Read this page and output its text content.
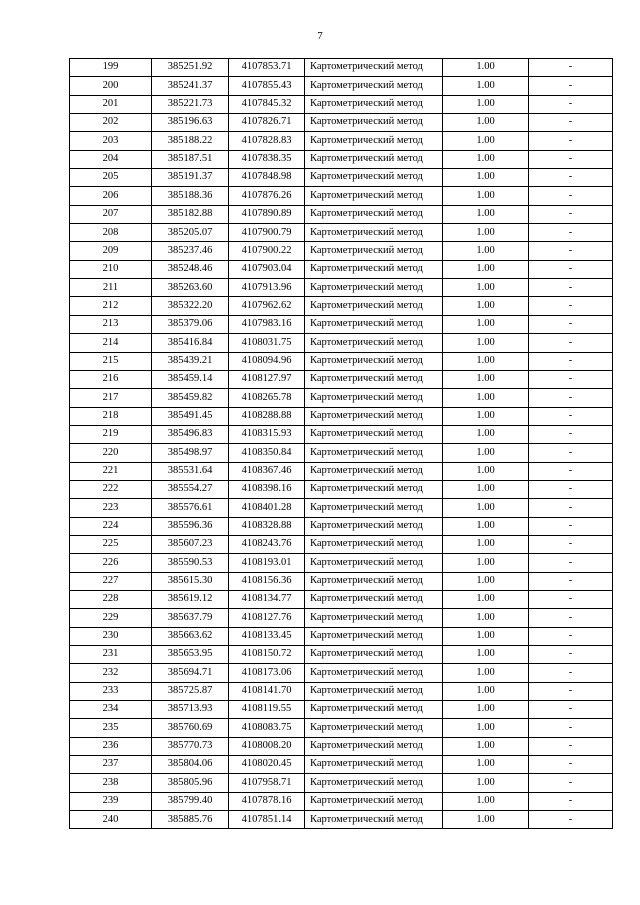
7
199	385251.92	4107853.71	Картометрический метод	1.00	-
200	385241.37	4107855.43	Картометрический метод	1.00	-
201	385221.73	4107845.32	Картометрический метод	1.00	-
202	385196.63	4107826.71	Картометрический метод	1.00	-
203	385188.22	4107828.83	Картометрический метод	1.00	-
204	385187.51	4107838.35	Картометрический метод	1.00	-
205	385191.37	4107848.98	Картометрический метод	1.00	-
206	385188.36	4107876.26	Картометрический метод	1.00	-
207	385182.88	4107890.89	Картометрический метод	1.00	-
208	385205.07	4107900.79	Картометрический метод	1.00	-
209	385237.46	4107900.22	Картометрический метод	1.00	-
210	385248.46	4107903.04	Картометрический метод	1.00	-
211	385263.60	4107913.96	Картометрический метод	1.00	-
212	385322.20	4107962.62	Картометрический метод	1.00	-
213	385379.06	4107983.16	Картометрический метод	1.00	-
214	385416.84	4108031.75	Картометрический метод	1.00	-
215	385439.21	4108094.96	Картометрический метод	1.00	-
216	385459.14	4108127.97	Картометрический метод	1.00	-
217	385459.82	4108265.78	Картометрический метод	1.00	-
218	385491.45	4108288.88	Картометрический метод	1.00	-
219	385496.83	4108315.93	Картометрический метод	1.00	-
220	385498.97	4108350.84	Картометрический метод	1.00	-
221	385531.64	4108367.46	Картометрический метод	1.00	-
222	385554.27	4108398.16	Картометрический метод	1.00	-
223	385576.61	4108401.28	Картометрический метод	1.00	-
224	385596.36	4108328.88	Картометрический метод	1.00	-
225	385607.23	4108243.76	Картометрический метод	1.00	-
226	385590.53	4108193.01	Картометрический метод	1.00	-
227	385615.30	4108156.36	Картометрический метод	1.00	-
228	385619.12	4108134.77	Картометрический метод	1.00	-
229	385637.79	4108127.76	Картометрический метод	1.00	-
230	385663.62	4108133.45	Картометрический метод	1.00	-
231	385653.95	4108150.72	Картометрический метод	1.00	-
232	385694.71	4108173.06	Картометрический метод	1.00	-
233	385725.87	4108141.70	Картометрический метод	1.00	-
234	385713.93	4108119.55	Картометрический метод	1.00	-
235	385760.69	4108083.75	Картометрический метод	1.00	-
236	385770.73	4108008.20	Картометрический метод	1.00	-
237	385804.06	4108020.45	Картометрический метод	1.00	-
238	385805.96	4107958.71	Картометрический метод	1.00	-
239	385799.40	4107878.16	Картометрический метод	1.00	-
240	385885.76	4107851.14	Картометрический метод	1.00	-
